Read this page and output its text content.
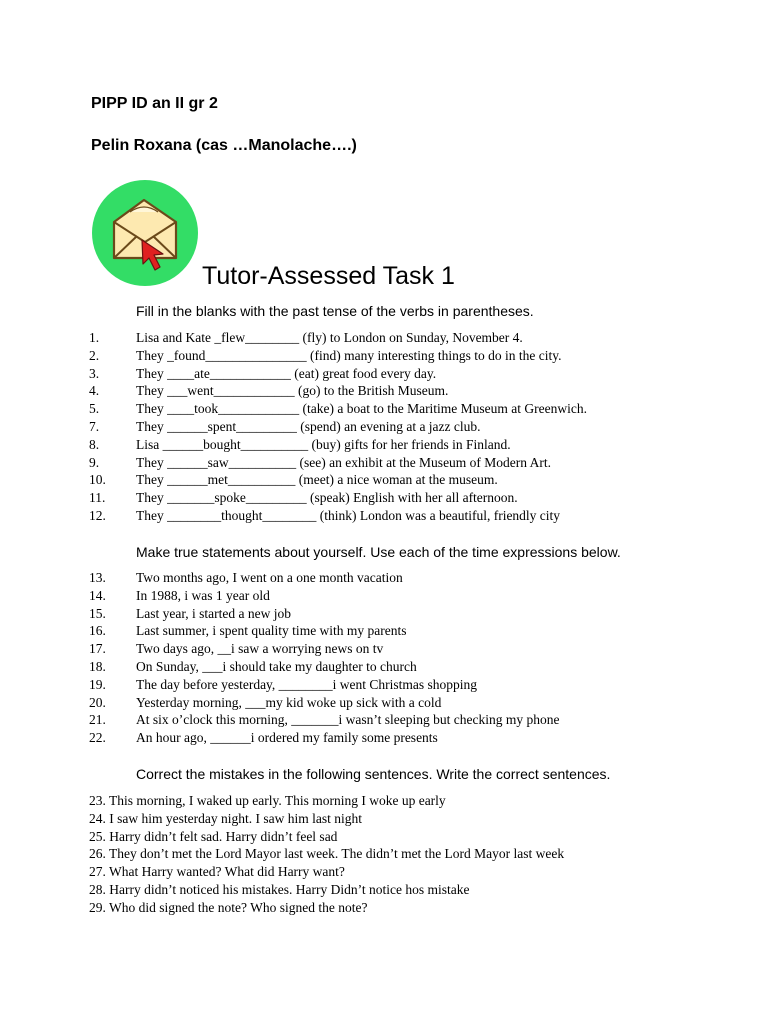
PIPP ID an II gr 2
Pelin Roxana (cas …Manolache….)
Tutor-Assessed Task 1
Fill in the blanks with the past tense of the verbs in parentheses.
1.	Lisa and Kate _flew________ (fly) to London on Sunday, November 4.
2.	They _found_______________ (find) many interesting things to do in the city.
3.	They ____ate____________ (eat) great food every day.
4.	They ___went____________ (go) to the British Museum.
5.	They ____took____________ (take) a boat to the Maritime Museum at Greenwich.
7.	They ______spent_________ (spend) an evening at a jazz club.
8.	Lisa ______bought__________ (buy) gifts for her friends in Finland.
9.	They ______saw__________ (see) an exhibit at the Museum of Modern Art.
10. They ______met__________ (meet) a nice woman at the museum.
11. They _______spoke_________ (speak) English with her all afternoon.
12. They ________thought________ (think) London was a beautiful, friendly city
Make true statements about yourself. Use each of the time expressions below.
13. Two months ago, I went on a one month vacation
14. In 1988, i was 1 year old
15. Last year, i started a new job
16. Last summer, i spent quality time with my parents
17. Two days ago, __i saw a worrying news on tv
18. On Sunday, ___i should take my daughter to church
19. The day before yesterday, ________i went Christmas shopping
20. Yesterday morning, ___my kid woke up sick with a cold
21. At six o’clock this morning, _______i wasn’t sleeping but checking my phone
22. An hour ago, ______i ordered my family some presents
Correct the mistakes in the following sentences. Write the correct sentences.
23. This morning, I waked up early. This morning I woke up early
24. I saw him yesterday night. I saw him last night
25. Harry didn’t felt sad. Harry didn’t feel sad
26. They don’t met the Lord Mayor last week. The didn’t met the Lord Mayor last week
27. What Harry wanted? What did Harry want?
28. Harry didn’t noticed his mistakes. Harry Didn’t notice hos mistake
29. Who did signed the note? Who signed the note?
